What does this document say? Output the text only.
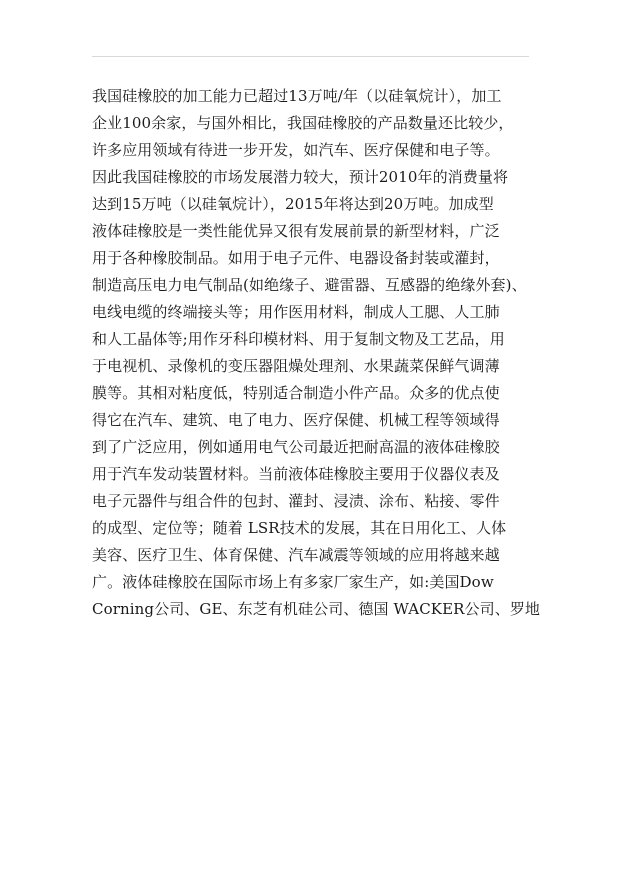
我国硅橡胶的加工能力已超过13万吨/年（以硅氧烷计），加工
企业100余家，与国外相比，我国硅橡胶的产品数量还比较少，
许多应用领域有待进一步开发，如汽车、医疗保健和电子等。
因此我国硅橡胶的市场发展潜力较大，预计2010年的消费量将
达到15万吨（以硅氧烷计），2015年将达到20万吨。加成型
液体硅橡胶是一类性能优异又很有发展前景的新型材料，广泛
用于各种橡胶制品。如用于电子元件、电器设备封装或灌封，
制造高压电力电气制品(如绝缘子、避雷器、互感器的绝缘外套)、
电线电缆的终端接头等；用作医用材料，制成人工腮、人工肺
和人工晶体等;用作牙科印模材料、用于复制文物及工艺品，用
于电视机、录像机的变压器阻燥处理剂、水果蔬菜保鲜气调薄
膜等。其相对粘度低，特别适合制造小件产品。众多的优点使
得它在汽车、建筑、电了电力、医疗保健、机械工程等领域得
到了广泛应用，例如通用电气公司最近把耐高温的液体硅橡胶
用于汽车发动装置材料。当前液体硅橡胶主要用于仪器仪表及
电子元器件与组合件的包封、灌封、浸渍、涂布、粘接、零件
的成型、定位等；随着 LSR技术的发展，其在日用化工、人体
美容、医疗卫生、体育保健、汽车减震等领域的应用将越来越
广。液体硅橡胶在国际市场上有多家厂家生产，如:美国Dow
Corning公司、GE、东芝有机硅公司、德国 WACKER公司、罗地
